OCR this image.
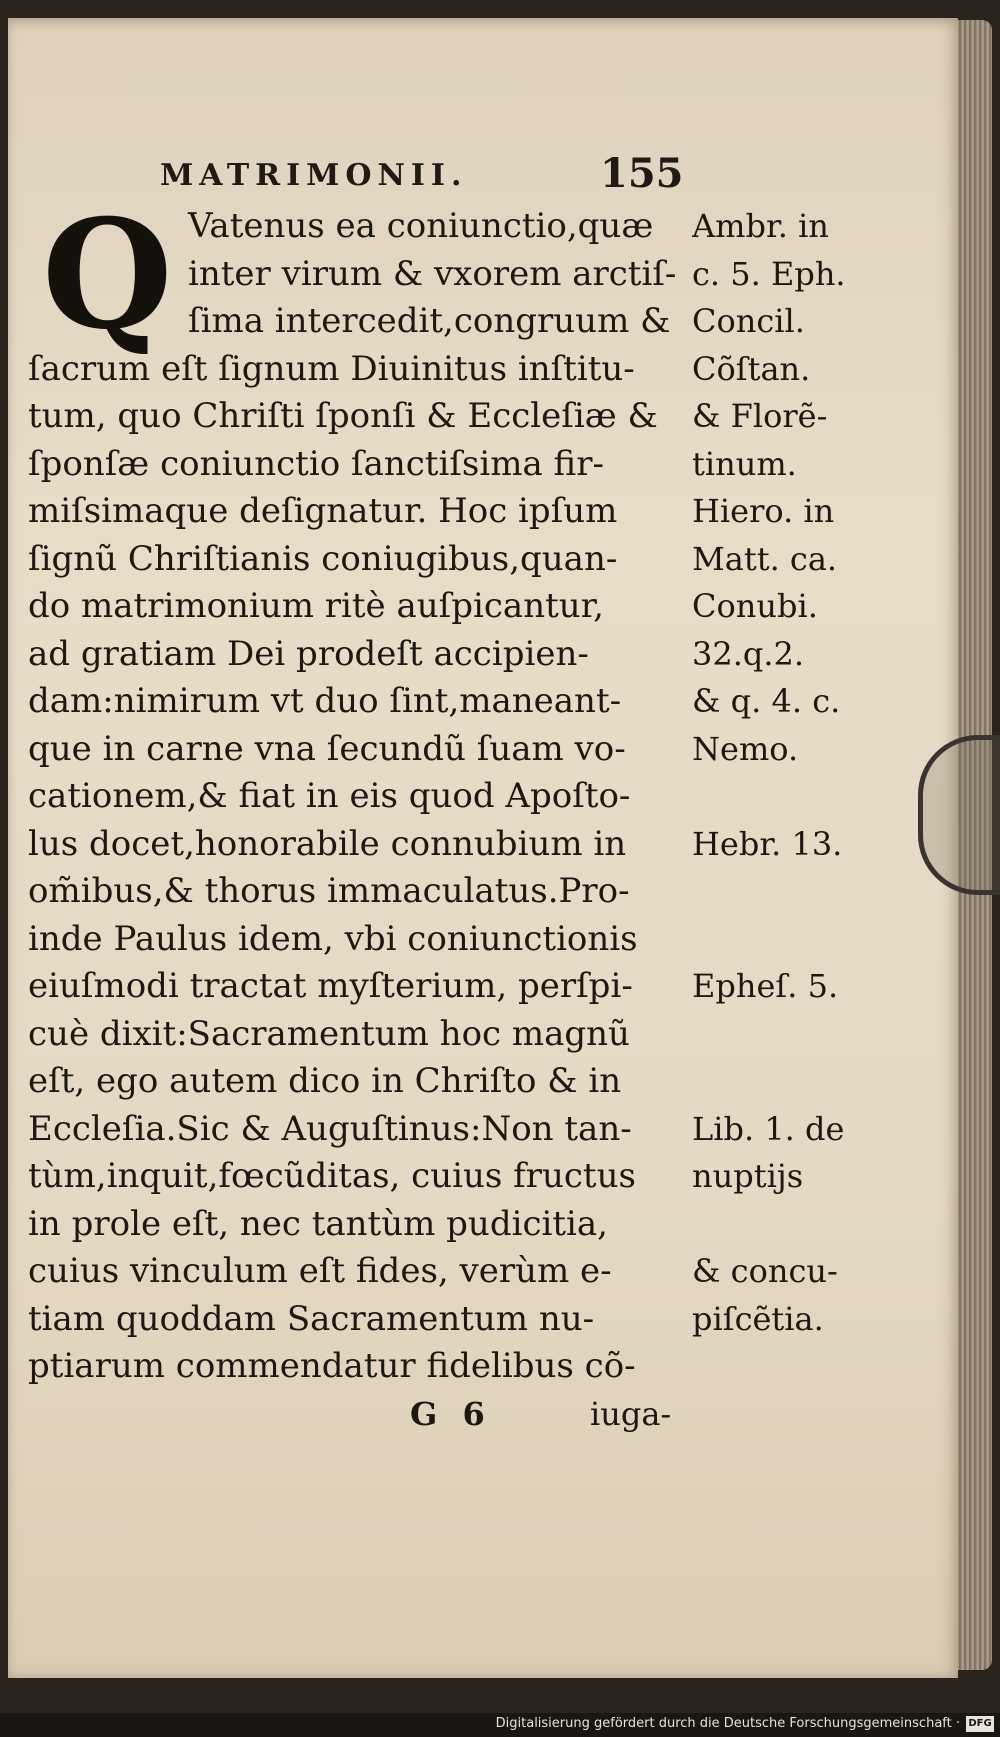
MATRIMONII.	155
Q Vatenus ea coniunctio,quæ
inter virum & vxorem arctiſ-
ſima intercedit,congruum &
ſacrum eſt ſignum Diuinitus inſtitu-
tum, quo Chriſti ſponſi & Eccleſiæ &
ſponſæ coniunctio ſanctiſsima fir-
miſsimaque deſignatur. Hoc ipſum
ſignũ Chriſtianis coniugibus,quan-
do matrimonium ritè auſpicantur,
ad gratiam Dei prodeſt accipien-
dam:nimirum vt duo ſint,maneant-
que in carne vna ſecundũ ſuam vo-
cationem,& fiat in eis quod Apoſto-
lus docet,honorabile connubium in
om̃ibus,& thorus immaculatus.Pro-
inde Paulus idem, vbi coniunctionis
eiuſmodi tractat myſterium, perſpi-
cuè dixit:Sacramentum hoc magnũ
eſt, ego autem dico in Chriſto & in
Eccleſia.Sic & Auguſtinus:Non tan-
tùm,inquit,fœcũditas, cuius fructus
in prole eſt, nec tantùm pudicitia,
cuius vinculum eſt fides, verùm e-
tiam quoddam Sacramentum nu-
ptiarum commendatur fidelibus cõ-
Ambr. in
c. 5. Eph.
Concil.
Cõſtan.
& Florẽ-
tinum.
Hiero. in
Matt. ca.
Conubi.
32.q.2.
& q. 4. c.
Nemo.
Hebr. 13.
Epheſ. 5.
Lib. 1. de
nuptijs
& concu-
piſcẽtia.
G 6	iuga-
Digitalisierung gefördert durch die Deutsche Forschungsgemeinschaft · DFG
